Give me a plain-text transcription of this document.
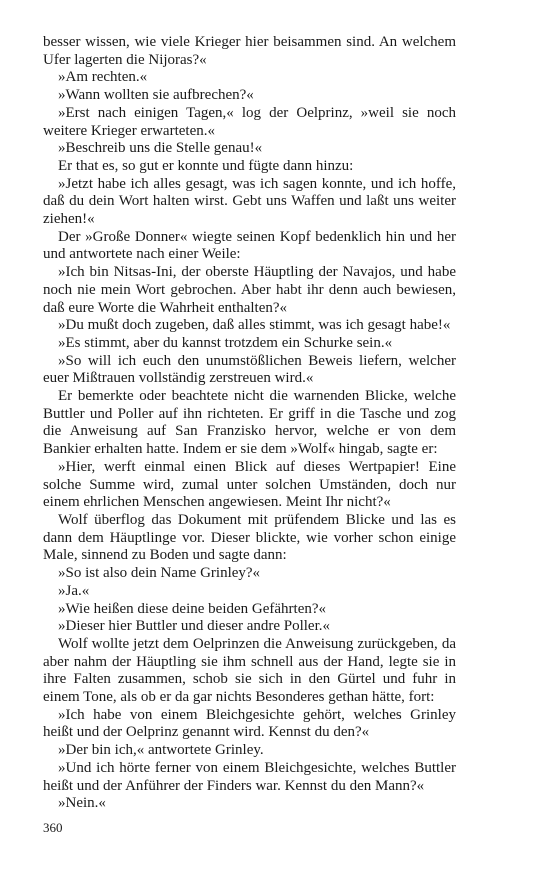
besser wissen, wie viele Krieger hier beisammen sind. An welchem Ufer lagerten die Nijoras?«

»Am rechten.«

»Wann wollten sie aufbrechen?«

»Erst nach einigen Tagen,« log der Oelprinz, »weil sie noch weitere Krieger erwarteten.«

»Beschreib uns die Stelle genau!«

Er that es, so gut er konnte und fügte dann hinzu:

»Jetzt habe ich alles gesagt, was ich sagen konnte, und ich hoffe, daß du dein Wort halten wirst. Gebt uns Waffen und laßt uns weiter ziehen!«

Der »Große Donner« wiegte seinen Kopf bedenklich hin und her und antwortete nach einer Weile:

»Ich bin Nitsas-Ini, der oberste Häuptling der Navajos, und habe noch nie mein Wort gebrochen. Aber habt ihr denn auch bewiesen, daß eure Worte die Wahrheit enthalten?«

»Du mußt doch zugeben, daß alles stimmt, was ich gesagt habe!«

»Es stimmt, aber du kannst trotzdem ein Schurke sein.«

»So will ich euch den unumstößlichen Beweis liefern, welcher euer Mißtrauen vollständig zerstreuen wird.«

Er bemerkte oder beachtete nicht die warnenden Blicke, welche Buttler und Poller auf ihn richteten. Er griff in die Tasche und zog die Anweisung auf San Franzisko hervor, welche er von dem Bankier erhalten hatte. Indem er sie dem »Wolf« hingab, sagte er:

»Hier, werft einmal einen Blick auf dieses Wertpapier! Eine solche Summe wird, zumal unter solchen Umständen, doch nur einem ehrlichen Menschen angewiesen. Meint Ihr nicht?«

Wolf überflog das Dokument mit prüfendem Blicke und las es dann dem Häuptlinge vor. Dieser blickte, wie vorher schon einige Male, sinnend zu Boden und sagte dann:

»So ist also dein Name Grinley?«

»Ja.«

»Wie heißen diese deine beiden Gefährten?«

»Dieser hier Buttler und dieser andre Poller.«

Wolf wollte jetzt dem Oelprinzen die Anweisung zurückgeben, da aber nahm der Häuptling sie ihm schnell aus der Hand, legte sie in ihre Falten zusammen, schob sie sich in den Gürtel und fuhr in einem Tone, als ob er da gar nichts Besonderes gethan hätte, fort:

»Ich habe von einem Bleichgesichte gehört, welches Grinley heißt und der Oelprinz genannt wird. Kennst du den?«

»Der bin ich,« antwortete Grinley.

»Und ich hörte ferner von einem Bleichgesichte, welches Buttler heißt und der Anführer der Finders war. Kennst du den Mann?«

»Nein.«

360
